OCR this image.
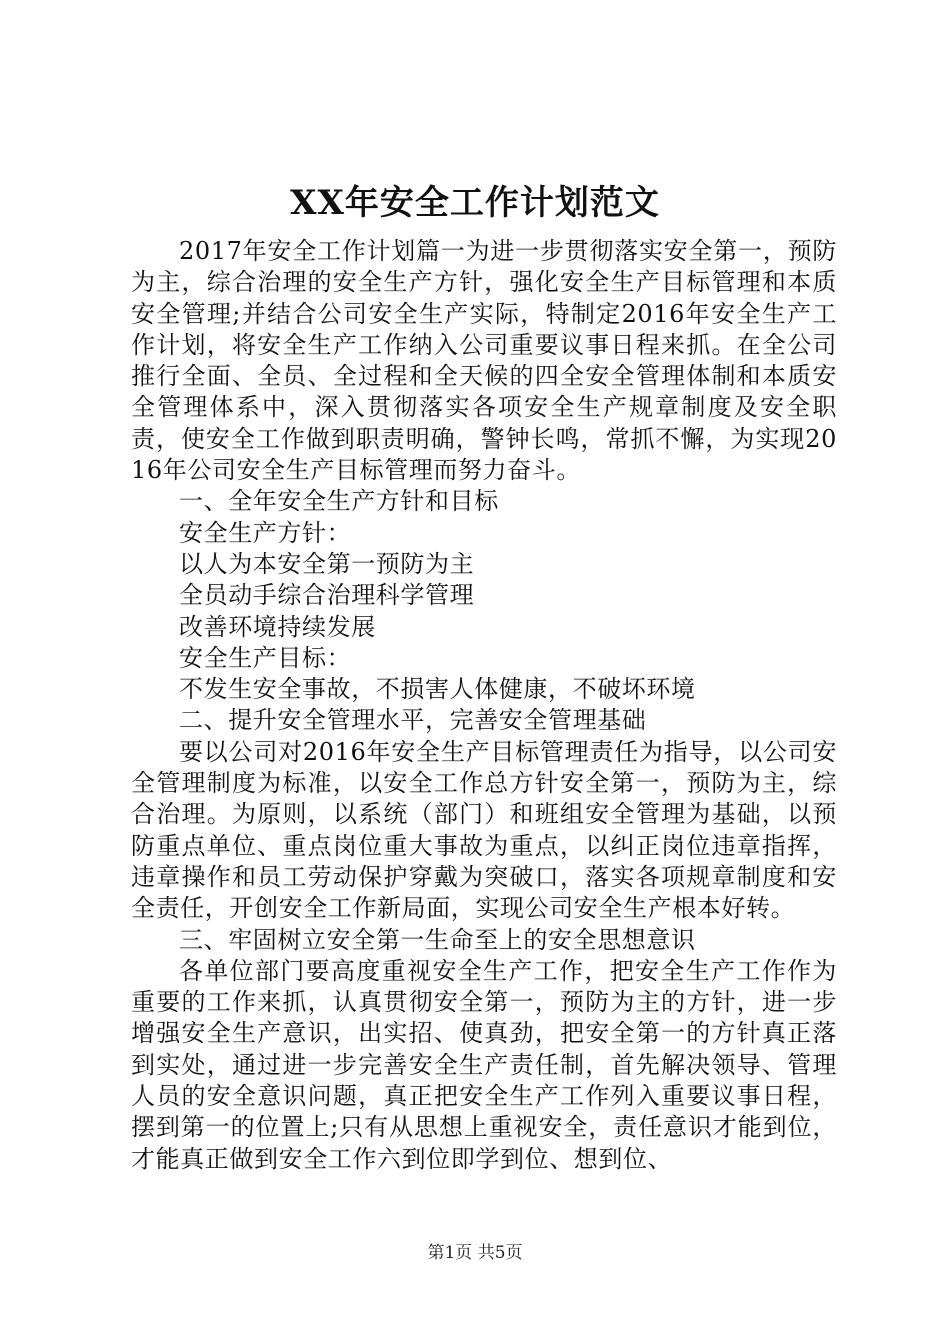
XX年安全工作计划范文

2017年安全工作计划篇一为进一步贯彻落实安全第一，预防为主，综合治理的安全生产方针，强化安全生产目标管理和本质安全管理;并结合公司安全生产实际，特制定2016年安全生产工作计划，将安全生产工作纳入公司重要议事日程来抓。在全公司推行全面、全员、全过程和全天候的四全安全管理体制和本质安全管理体系中，深入贯彻落实各项安全生产规章制度及安全职责，使安全工作做到职责明确，警钟长鸣，常抓不懈，为实现2016年公司安全生产目标管理而努力奋斗。

一、全年安全生产方针和目标

安全生产方针：

以人为本安全第一预防为主

全员动手综合治理科学管理

改善环境持续发展

安全生产目标：

不发生安全事故，不损害人体健康，不破坏环境

二、提升安全管理水平，完善安全管理基础

要以公司对2016年安全生产目标管理责任为指导，以公司安全管理制度为标准，以安全工作总方针安全第一，预防为主，综合治理。为原则，以系统（部门）和班组安全管理为基础，以预防重点单位、重点岗位重大事故为重点，以纠正岗位违章指挥，违章操作和员工劳动保护穿戴为突破口，落实各项规章制度和安全责任，开创安全工作新局面，实现公司安全生产根本好转。

三、牢固树立安全第一生命至上的安全思想意识

各单位部门要高度重视安全生产工作，把安全生产工作作为重要的工作来抓，认真贯彻安全第一，预防为主的方针，进一步增强安全生产意识，出实招、使真劲，把安全第一的方针真正落到实处，通过进一步完善安全生产责任制，首先解决领导、管理人员的安全意识问题，真正把安全生产工作列入重要议事日程，摆到第一的位置上;只有从思想上重视安全，责任意识才能到位，才能真正做到安全工作六到位即学到位、想到位、

第1页 共5页
